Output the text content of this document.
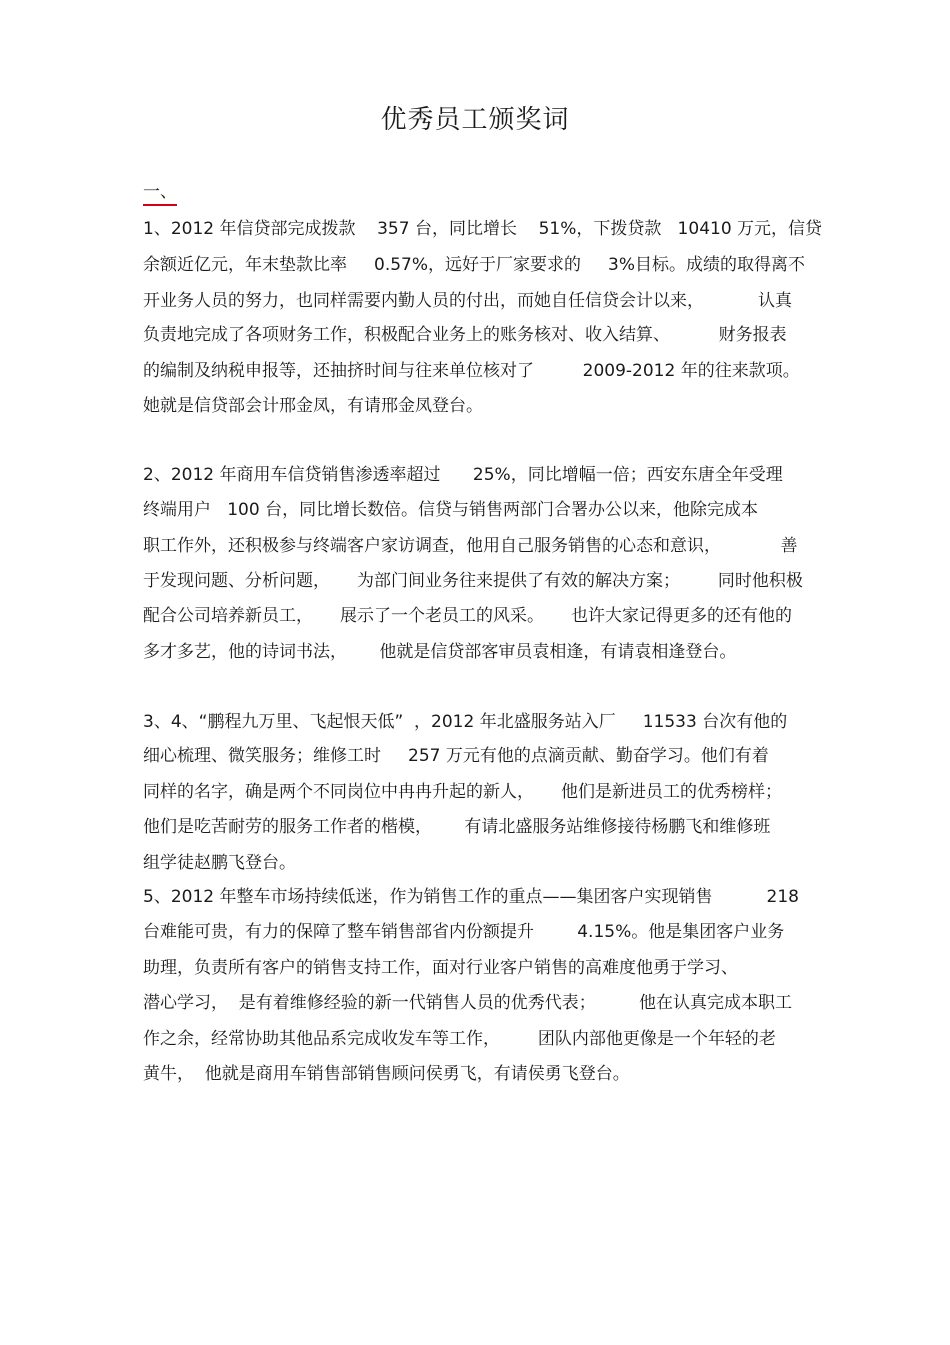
优秀员工颁奖词
一、
1、2012 年信贷部完成拨款    357 台，同比增长    51%，下拨贷款   10410 万元，信贷
余额近亿元，年末垫款比率     0.57%，远好于厂家要求的     3%目标。成绩的取得离不
开业务人员的努力，也同样需要内勤人员的付出，而她自任信贷会计以来，          认真
负责地完成了各项财务工作，积极配合业务上的账务核对、收入结算、         财务报表
的编制及纳税申报等，还抽挤时间与往来单位核对了         2009-2012 年的往来款项。
她就是信贷部会计邢金凤，有请邢金凤登台。
2、2012 年商用车信贷销售渗透率超过      25%，同比增幅一倍；西安东唐全年受理
终端用户   100 台，同比增长数倍。信贷与销售两部门合署办公以来，他除完成本
职工作外，还积极参与终端客户家访调查，他用自己服务销售的心态和意识，           善
于发现问题、分析问题，     为部门间业务往来提供了有效的解决方案；       同时他积极
配合公司培养新员工，     展示了一个老员工的风采。     也许大家记得更多的还有他的
多才多艺，他的诗词书法，      他就是信贷部客审员袁相逢，有请袁相逢登台。
3、4、“鹏程九万里、飞起恨天低”  ，2012 年北盛服务站入厂     11533 台次有他的
细心梳理、微笑服务；维修工时     257 万元有他的点滴贡献、勤奋学习。他们有着
同样的名字，确是两个不同岗位中冉冉升起的新人，     他们是新进员工的优秀榜样；
他们是吃苦耐劳的服务工作者的楷模，      有请北盛服务站维修接待杨鹏飞和维修班
组学徒赵鹏飞登台。
5、2012 年整车市场持续低迷，作为销售工作的重点——集团客户实现销售          218
台难能可贵，有力的保障了整车销售部省内份额提升        4.15%。他是集团客户业务
助理，负责所有客户的销售支持工作，面对行业客户销售的高难度他勇于学习、
潜心学习，  是有着维修经验的新一代销售人员的优秀代表；        他在认真完成本职工
作之余，经常协助其他品系完成收发车等工作，       团队内部他更像是一个年轻的老
黄牛，  他就是商用车销售部销售顾问侯勇飞，有请侯勇飞登台。
